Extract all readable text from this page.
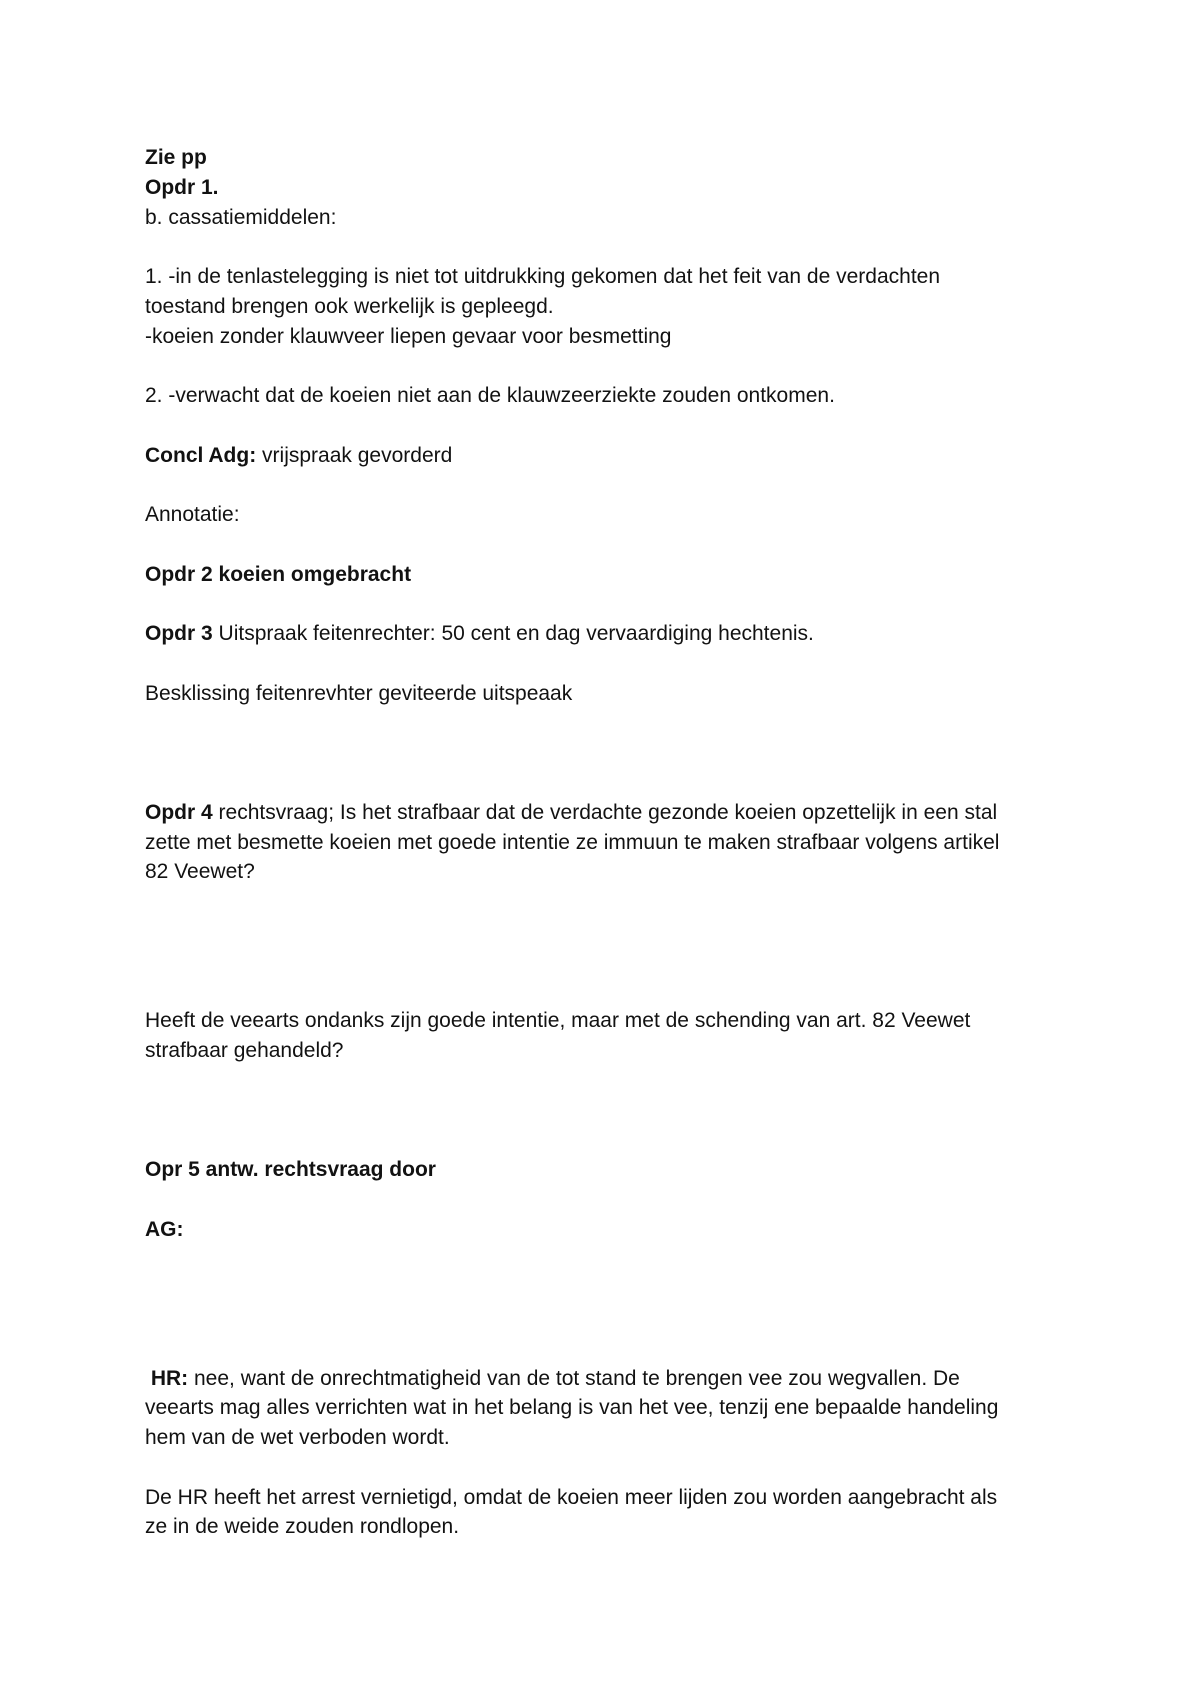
Zie pp
Opdr 1.
b. cassatiemiddelen:
1. -in de tenlastelegging is niet tot uitdrukking gekomen dat het feit van de verdachten
toestand brengen ook werkelijk is gepleegd.
-koeien zonder klauwveer liepen gevaar voor besmetting
2. -verwacht dat de koeien niet aan de klauwzeerziekte zouden ontkomen.
Concl Adg: vrijspraak gevorderd
Annotatie:
Opdr 2 koeien omgebracht
Opdr 3 Uitspraak feitenrechter: 50 cent en dag vervaardiging hechtenis.
Besklissing feitenrevhter geviteerde uitspeaak
Opdr 4 rechtsvraag; Is het strafbaar dat de verdachte gezonde koeien opzettelijk in een stal
zette met besmette koeien met goede intentie ze immuun te maken strafbaar volgens artikel
82 Veewet?
Heeft de veearts ondanks zijn goede intentie, maar met de schending van art. 82 Veewet
strafbaar gehandeld?
Opr 5 antw. rechtsvraag door
AG:
HR: nee, want de onrechtmatigheid van de tot stand te brengen vee zou wegvallen. De
veearts mag alles verrichten wat in het belang is van het vee, tenzij ene bepaalde handeling
hem van de wet verboden wordt.
De HR heeft het arrest vernietigd, omdat de koeien meer lijden zou worden aangebracht als
ze in de weide zouden rondlopen.
